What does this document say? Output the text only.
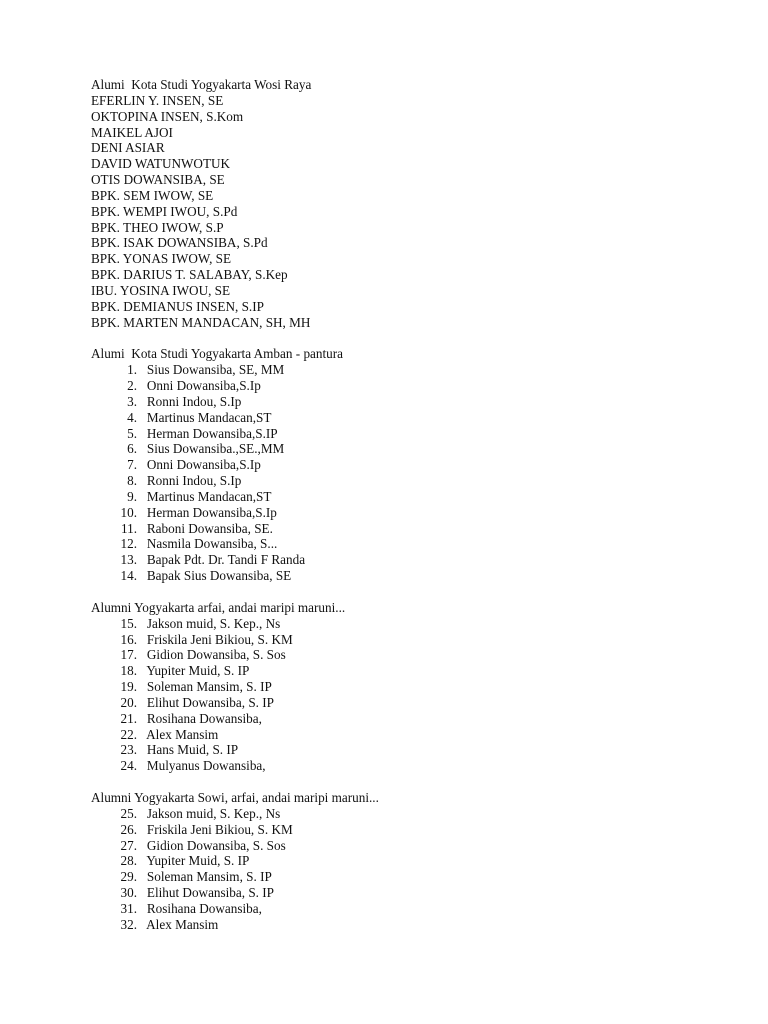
Alumi  Kota Studi Yogyakarta Wosi Raya
EFERLIN Y. INSEN, SE
OKTOPINA INSEN, S.Kom
MAIKEL AJOI
DENI ASIAR
DAVID WATUNWOTUK
OTIS DOWANSIBA, SE
BPK. SEM IWOW, SE
BPK. WEMPI IWOU, S.Pd
BPK. THEO IWOW, S.P
BPK. ISAK DOWANSIBA, S.Pd
BPK. YONAS IWOW, SE
BPK. DARIUS T. SALABAY, S.Kep
IBU. YOSINA IWOU, SE
BPK. DEMIANUS INSEN, S.IP
BPK. MARTEN MANDACAN, SH, MH
Alumi  Kota Studi Yogyakarta Amban - pantura
1. Sius Dowansiba, SE, MM
2. Onni Dowansiba,S.Ip
3. Ronni Indou, S.Ip
4. Martinus Mandacan,ST
5. Herman Dowansiba,S.IP
6. Sius Dowansiba.,SE.,MM
7. Onni Dowansiba,S.Ip
8. Ronni Indou, S.Ip
9. Martinus Mandacan,ST
10. Herman Dowansiba,S.Ip
11. Raboni Dowansiba, SE.
12. Nasmila Dowansiba, S...
13. Bapak Pdt. Dr. Tandi F Randa
14. Bapak Sius Dowansiba, SE
Alumni Yogyakarta arfai, andai maripi maruni...
15. Jakson muid, S. Kep., Ns
16. Friskila Jeni Bikiou, S. KM
17. Gidion Dowansiba, S. Sos
18. Yupiter Muid, S. IP
19. Soleman Mansim, S. IP
20. Elihut Dowansiba, S. IP
21. Rosihana Dowansiba,
22. Alex Mansim
23. Hans Muid, S. IP
24. Mulyanus Dowansiba,
Alumni Yogyakarta Sowi, arfai, andai maripi maruni...
25. Jakson muid, S. Kep., Ns
26. Friskila Jeni Bikiou, S. KM
27. Gidion Dowansiba, S. Sos
28. Yupiter Muid, S. IP
29. Soleman Mansim, S. IP
30. Elihut Dowansiba, S. IP
31. Rosihana Dowansiba,
32. Alex Mansim
